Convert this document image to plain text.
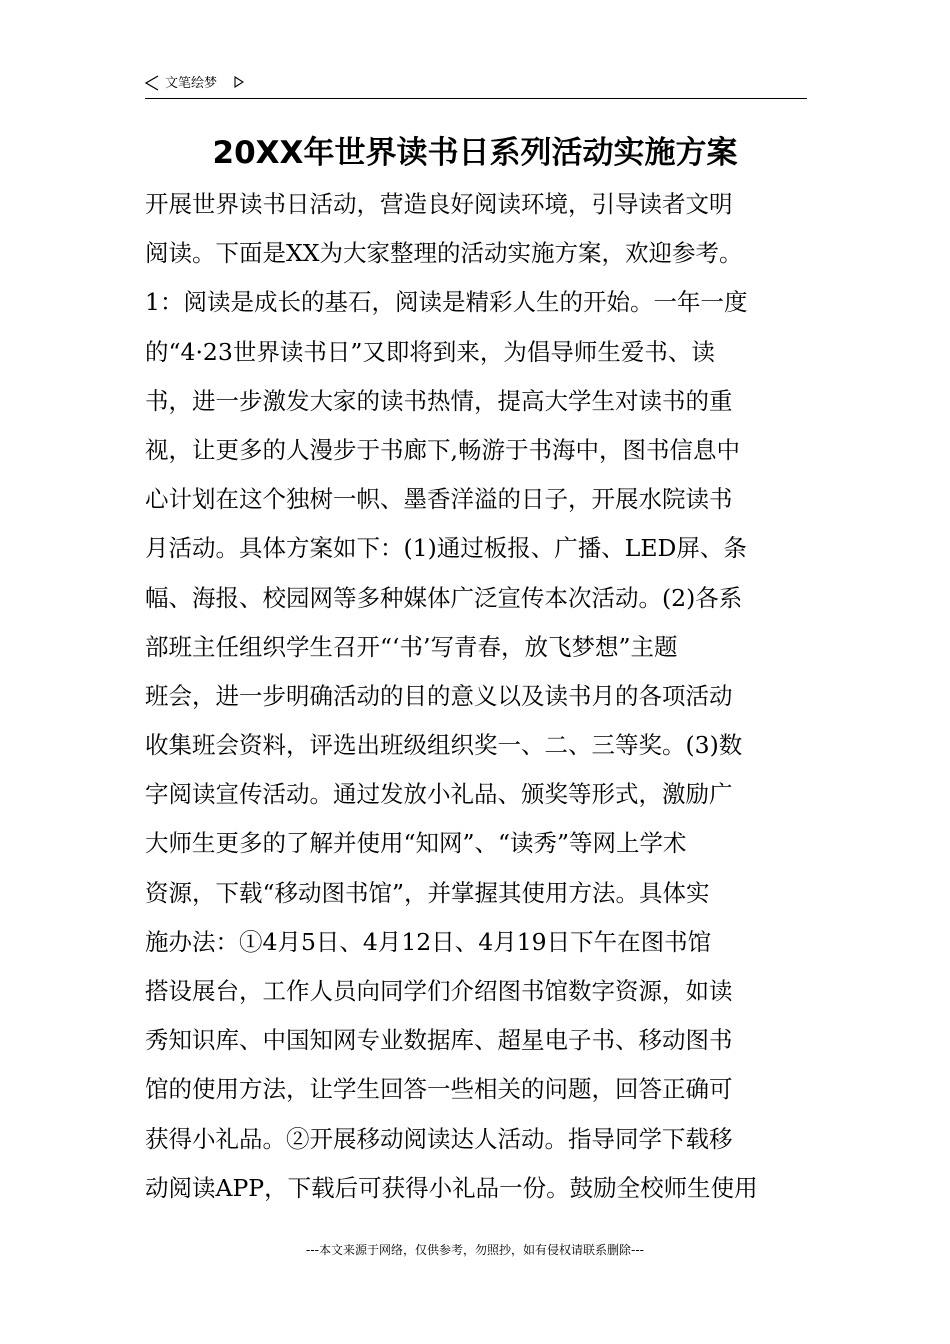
文笔绘梦
20XX年世界读书日系列活动实施方案
开展世界读书日活动，营造良好阅读环境，引导读者文明
阅读。下面是XX为大家整理的活动实施方案，欢迎参考。
1：阅读是成长的基石，阅读是精彩人生的开始。一年一度
的“4·23世界读书日”又即将到来，为倡导师生爱书、读
书，进一步激发大家的读书热情，提高大学生对读书的重
视，让更多的人漫步于书廊下,畅游于书海中，图书信息中
心计划在这个独树一帜、墨香洋溢的日子，开展水院读书
月活动。具体方案如下：(1)通过板报、广播、LED屏、条
幅、海报、校园网等多种媒体广泛宣传本次活动。(2)各系
部班主任组织学生召开“‘书’写青春，放飞梦想”主题
班会，进一步明确活动的目的意义以及读书月的各项活动
收集班会资料，评选出班级组织奖一、二、三等奖。(3)数
字阅读宣传活动。通过发放小礼品、颁奖等形式，激励广
大师生更多的了解并使用“知网”、“读秀”等网上学术
资源，下载“移动图书馆”，并掌握其使用方法。具体实
施办法：①4月5日、4月12日、4月19日下午在图书馆
搭设展台，工作人员向同学们介绍图书馆数字资源，如读
秀知识库、中国知网专业数据库、超星电子书、移动图书
馆的使用方法，让学生回答一些相关的问题，回答正确可
获得小礼品。②开展移动阅读达人活动。指导同学下载移
动阅读APP，下载后可获得小礼品一份。鼓励全校师生使用
---本文来源于网络，仅供参考，勿照抄，如有侵权请联系删除---
